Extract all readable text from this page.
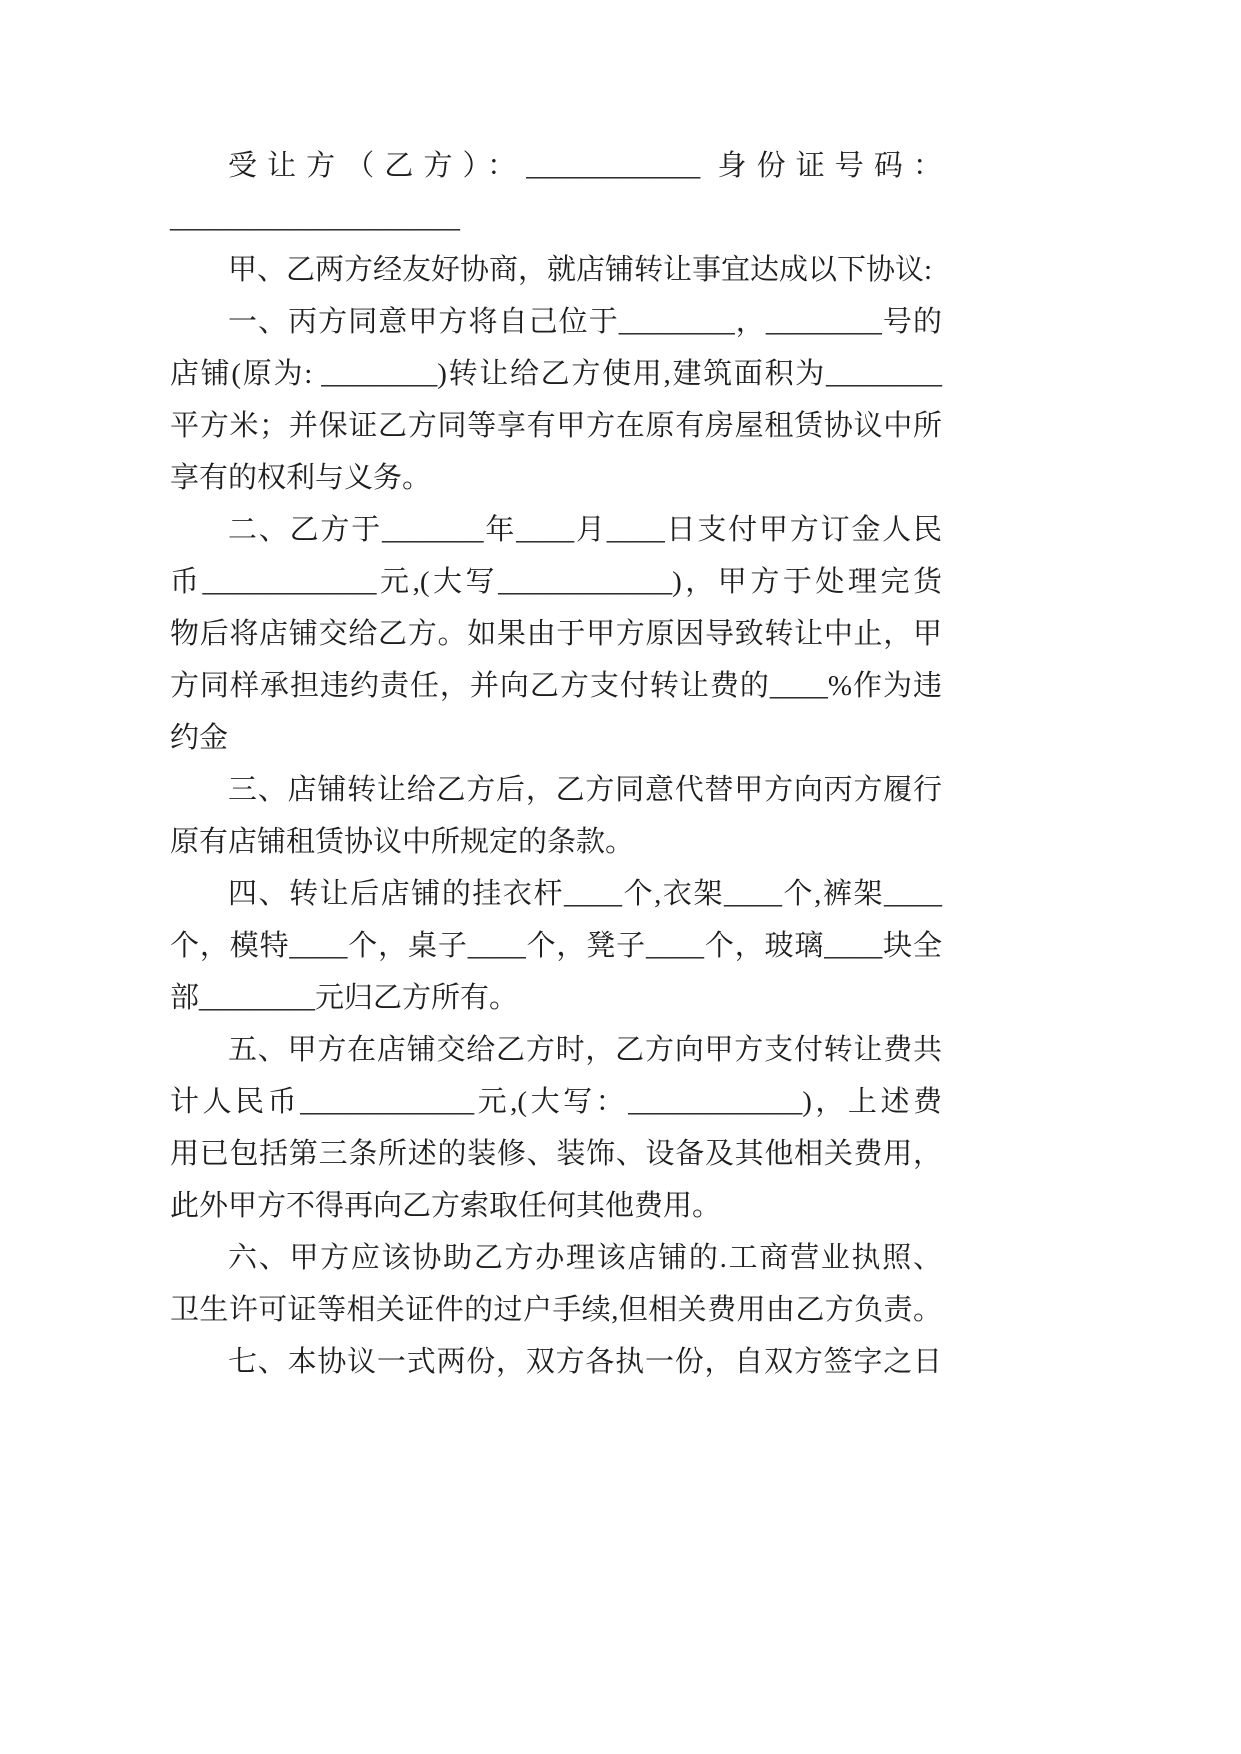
受让方（乙方）：____________ 身份证号码：
____________________
甲、乙两方经友好协商，就店铺转让事宜达成以下协议:
一、丙方同意甲方将自己位于________，________号的
店铺(原为: ________)转让给乙方使用,建筑面积为________
平方米；并保证乙方同等享有甲方在原有房屋租赁协议中所
享有的权利与义务。
二、乙方于_______年____月____日支付甲方订金人民
币____________元,(大写____________)，甲方于处理完货
物后将店铺交给乙方。如果由于甲方原因导致转让中止，甲
方同样承担违约责任，并向乙方支付转让费的____%作为违
约金
三、店铺转让给乙方后，乙方同意代替甲方向丙方履行
原有店铺租赁协议中所规定的条款。
四、转让后店铺的挂衣杆____个,衣架____个,裤架____
个，模特____个，桌子____个，凳子____个，玻璃____块全
部________元归乙方所有。
五、甲方在店铺交给乙方时，乙方向甲方支付转让费共
计人民币____________元,(大写：____________)，上述费
用已包括第三条所述的装修、装饰、设备及其他相关费用，
此外甲方不得再向乙方索取任何其他费用。
六、甲方应该协助乙方办理该店铺的.工商营业执照、
卫生许可证等相关证件的过户手续,但相关费用由乙方负责。
七、本协议一式两份，双方各执一份，自双方签字之日
